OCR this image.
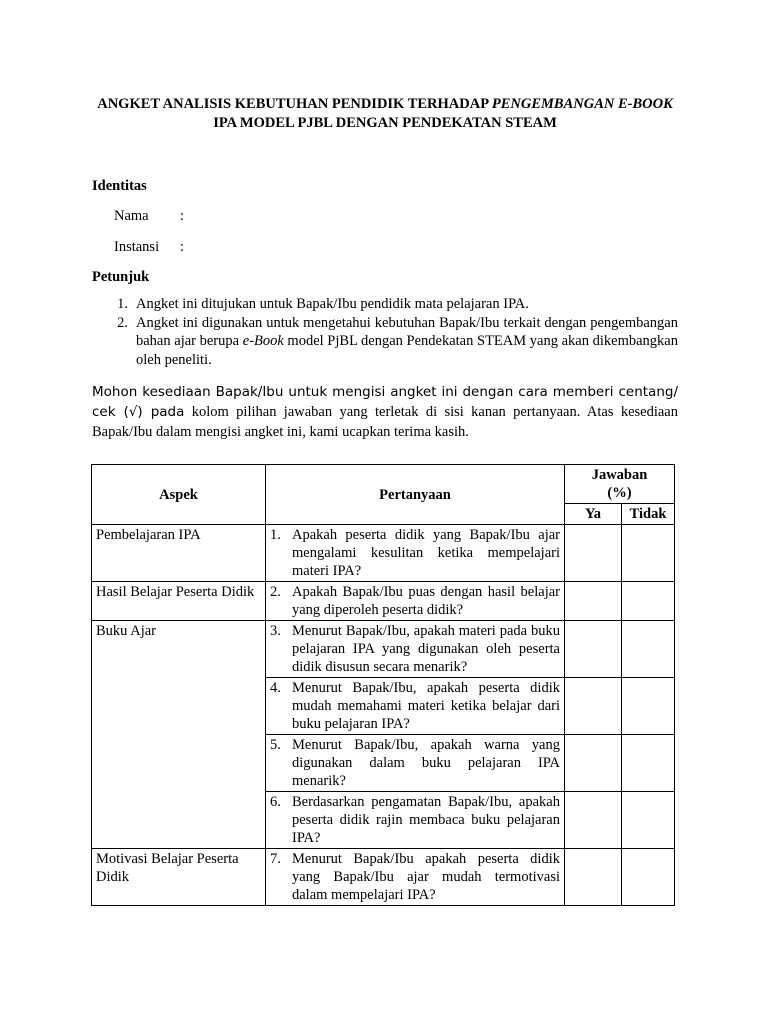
ANGKET ANALISIS KEBUTUHAN PENDIDIK TERHADAP PENGEMBANGAN E-BOOK IPA MODEL PJBL DENGAN PENDEKATAN STEAM

Identitas
Nama	:
Instansi	:
Petunjuk
1. Angket ini ditujukan untuk Bapak/Ibu pendidik mata pelajaran IPA.
2. Angket ini digunakan untuk mengetahui kebutuhan Bapak/Ibu terkait dengan pengembangan bahan ajar berupa e-Book model PjBL dengan Pendekatan STEAM yang akan dikembangkan oleh peneliti.

Mohon kesediaan Bapak/Ibu untuk mengisi angket ini dengan cara memberi centang/ cek (√) pada kolom pilihan jawaban yang terletak di sisi kanan pertanyaan. Atas kesediaan Bapak/Ibu dalam mengisi angket ini, kami ucapkan terima kasih.

Aspek	Pertanyaan	Jawaban
(%)	
		Ya	Tidak
Pembelajaran IPA	1. Apakah peserta didik yang Bapak/Ibu ajar mengalami kesulitan ketika mempelajari materi IPA?		

Hasil Belajar Peserta Didik	2. Apakah Bapak/Ibu puas dengan hasil belajar yang diperoleh peserta didik?		

Buku Ajar	3. Menurut Bapak/Ibu, apakah materi pada buku pelajaran IPA yang digunakan oleh peserta didik disusun secara menarik?		

	4. Menurut Bapak/Ibu, apakah peserta didik mudah memahami materi ketika belajar dari buku pelajaran IPA?		

	5. Menurut Bapak/Ibu, apakah warna yang digunakan dalam buku pelajaran IPA menarik?		

	6. Berdasarkan pengamatan Bapak/Ibu, apakah peserta didik rajin membaca buku pelajaran IPA?		

Motivasi Belajar Peserta Didik	7. Menurut Bapak/Ibu apakah peserta didik yang Bapak/Ibu ajar mudah termotivasi dalam mempelajari IPA?		
